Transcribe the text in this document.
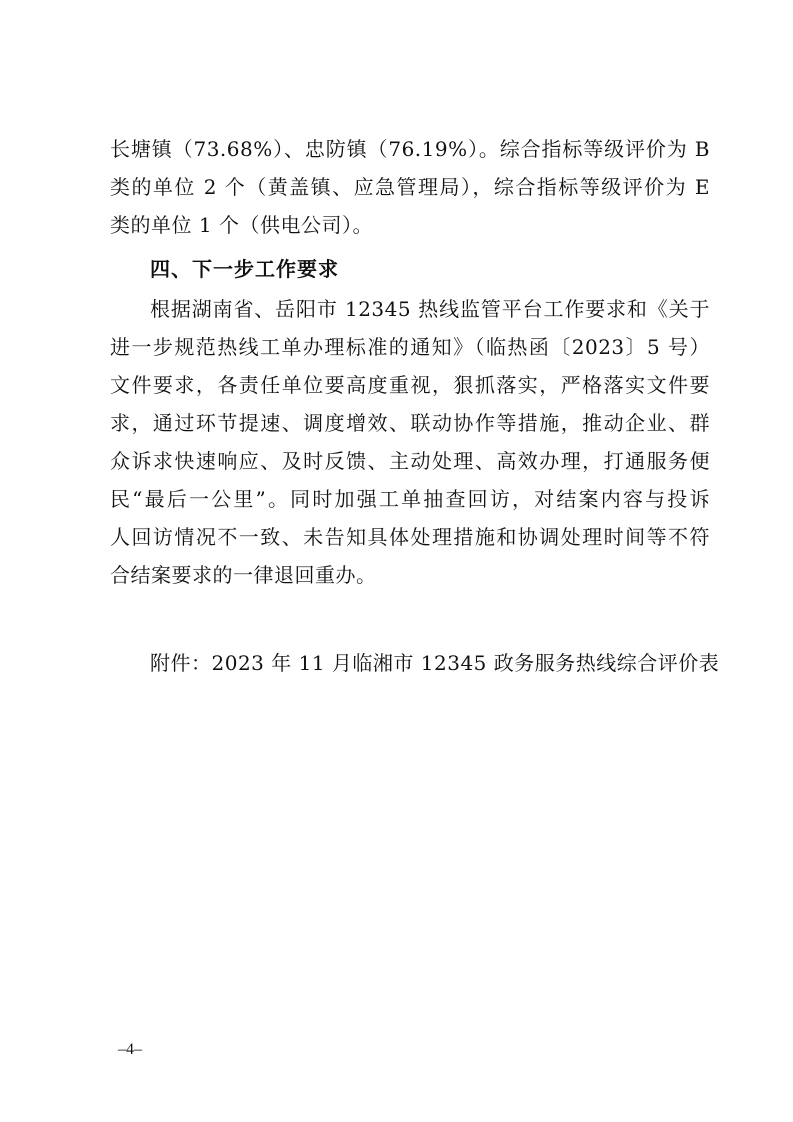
长塘镇（73.68%）、忠防镇（76.19%）。综合指标等级评价为 B
类的单位 2 个（黄盖镇、应急管理局），综合指标等级评价为 E
类的单位 1 个（供电公司）。
四、下一步工作要求
根据湖南省、岳阳市 12345 热线监管平台工作要求和《关于
进一步规范热线工单办理标准的通知》（临热函〔2023〕5 号）
文件要求，各责任单位要高度重视，狠抓落实，严格落实文件要
求，通过环节提速、调度增效、联动协作等措施，推动企业、群
众诉求快速响应、及时反馈、主动处理、高效办理，打通服务便
民“最后一公里”。同时加强工单抽查回访，对结案内容与投诉
人回访情况不一致、未告知具体处理措施和协调处理时间等不符
合结案要求的一律退回重办。
附件：2023 年 11 月临湘市 12345 政务服务热线综合评价表
–4–
